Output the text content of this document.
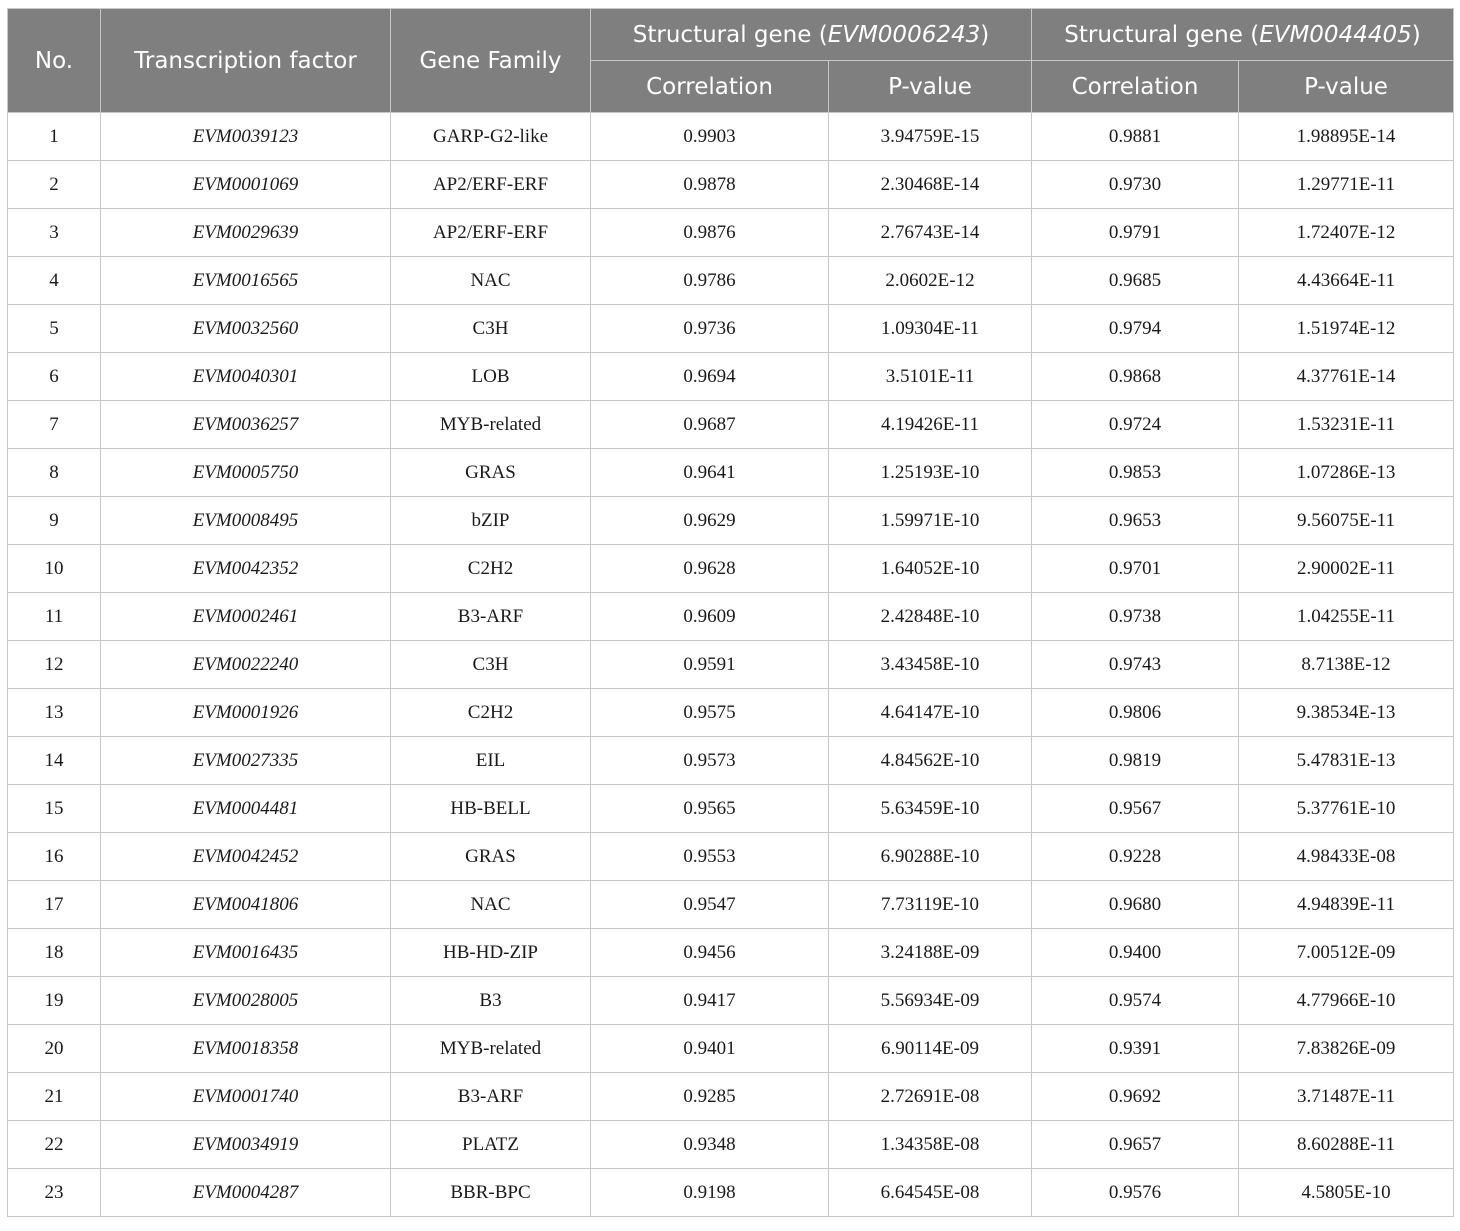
No.	Transcription factor	Gene Family	Structural gene (EVM0006243)		Structural gene (EVM0044405)	
			Correlation	P-value	Correlation	P-value
1	EVM0039123	GARP-G2-like	0.9903	3.94759E-15	0.9881	1.98895E-14
2	EVM0001069	AP2/ERF-ERF	0.9878	2.30468E-14	0.9730	1.29771E-11
3	EVM0029639	AP2/ERF-ERF	0.9876	2.76743E-14	0.9791	1.72407E-12
4	EVM0016565	NAC	0.9786	2.0602E-12	0.9685	4.43664E-11
5	EVM0032560	C3H	0.9736	1.09304E-11	0.9794	1.51974E-12
6	EVM0040301	LOB	0.9694	3.5101E-11	0.9868	4.37761E-14
7	EVM0036257	MYB-related	0.9687	4.19426E-11	0.9724	1.53231E-11
8	EVM0005750	GRAS	0.9641	1.25193E-10	0.9853	1.07286E-13
9	EVM0008495	bZIP	0.9629	1.59971E-10	0.9653	9.56075E-11
10	EVM0042352	C2H2	0.9628	1.64052E-10	0.9701	2.90002E-11
11	EVM0002461	B3-ARF	0.9609	2.42848E-10	0.9738	1.04255E-11
12	EVM0022240	C3H	0.9591	3.43458E-10	0.9743	8.7138E-12
13	EVM0001926	C2H2	0.9575	4.64147E-10	0.9806	9.38534E-13
14	EVM0027335	EIL	0.9573	4.84562E-10	0.9819	5.47831E-13
15	EVM0004481	HB-BELL	0.9565	5.63459E-10	0.9567	5.37761E-10
16	EVM0042452	GRAS	0.9553	6.90288E-10	0.9228	4.98433E-08
17	EVM0041806	NAC	0.9547	7.73119E-10	0.9680	4.94839E-11
18	EVM0016435	HB-HD-ZIP	0.9456	3.24188E-09	0.9400	7.00512E-09
19	EVM0028005	B3	0.9417	5.56934E-09	0.9574	4.77966E-10
20	EVM0018358	MYB-related	0.9401	6.90114E-09	0.9391	7.83826E-09
21	EVM0001740	B3-ARF	0.9285	2.72691E-08	0.9692	3.71487E-11
22	EVM0034919	PLATZ	0.9348	1.34358E-08	0.9657	8.60288E-11
23	EVM0004287	BBR-BPC	0.9198	6.64545E-08	0.9576	4.5805E-10
